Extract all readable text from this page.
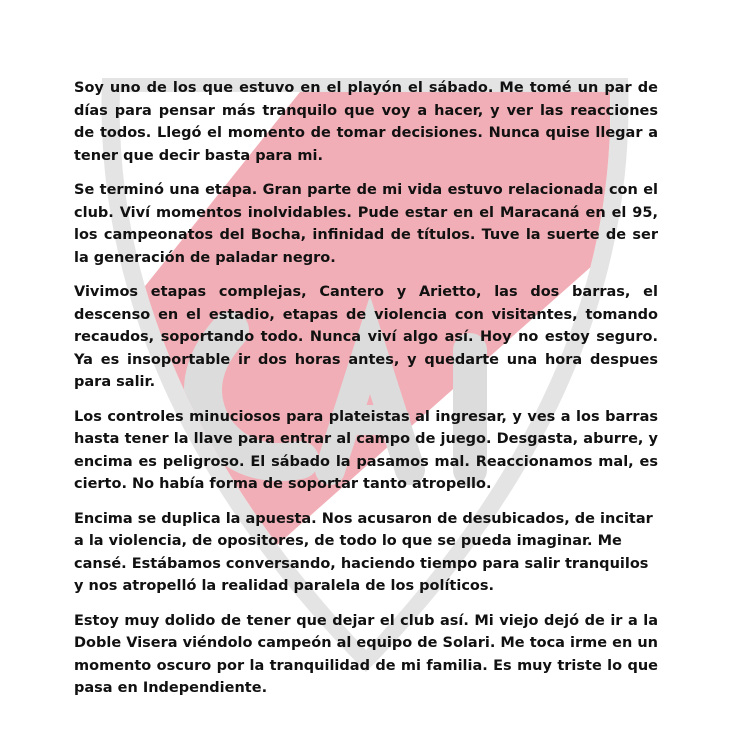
Soy uno de los que estuvo en el playón el sábado. Me tomé un par de días para pensar más tranquilo que voy a hacer, y ver las reacciones de todos. Llegó el momento de tomar decisiones. Nunca quise llegar a tener que decir basta para mi.

Se terminó una etapa. Gran parte de mi vida estuvo relacionada con el club. Viví momentos inolvidables. Pude estar en el Maracaná en el 95, los campeonatos del Bocha, infinidad de títulos. Tuve la suerte de ser la generación de paladar negro.

Vivimos etapas complejas, Cantero y Arietto, las dos barras, el descenso en el estadio, etapas de violencia con visitantes, tomando recaudos, soportando todo. Nunca viví algo así. Hoy no estoy seguro. Ya es insoportable ir dos horas antes, y quedarte una hora despues para salir.

Los controles minuciosos para plateistas al ingresar, y ves a los barras hasta tener la llave para entrar al campo de juego. Desgasta, aburre, y encima es peligroso. El sábado la pasamos mal. Reaccionamos mal, es cierto. No había forma de soportar tanto atropello.

Encima se duplica la apuesta. Nos acusaron de desubicados, de incitar a la violencia, de opositores, de todo lo que se pueda imaginar. Me cansé. Estábamos conversando, haciendo tiempo para salir tranquilos y nos atropelló la realidad paralela de los políticos.

Estoy muy dolido de tener que dejar el club así. Mi viejo dejó de ir a la Doble Visera viéndolo campeón al equipo de Solari. Me toca irme en un momento oscuro por la tranquilidad de mi familia. Es muy triste lo que pasa en Independiente.
